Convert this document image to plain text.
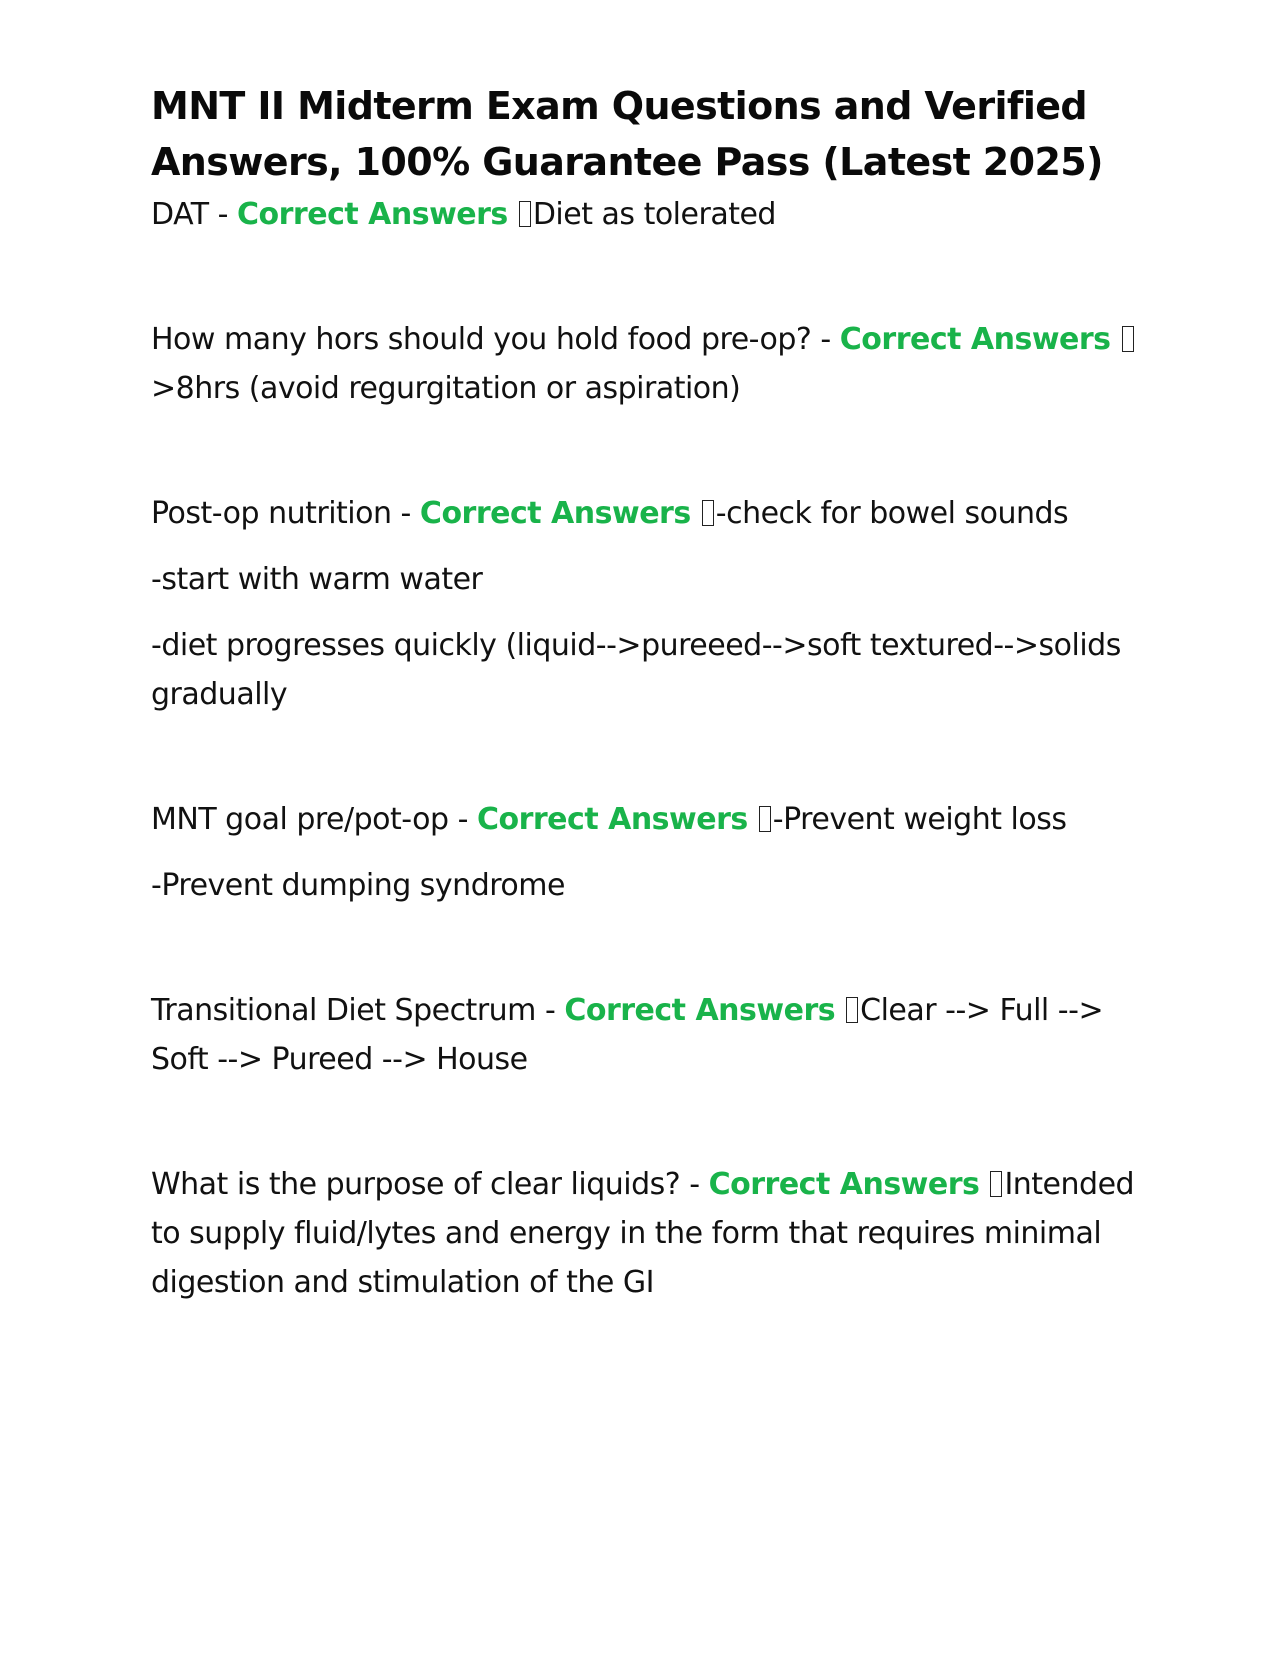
MNT II Midterm Exam Questions and Verified Answers, 100% Guarantee Pass (Latest 2025)

DAT - Correct Answers Diet as tolerated

How many hors should you hold food pre-op? - Correct Answers >8hrs (avoid regurgitation or aspiration)

Post-op nutrition - Correct Answers -check for bowel sounds

-start with warm water

-diet progresses quickly (liquid-->pureeed-->soft textured-->solids gradually

MNT goal pre/pot-op - Correct Answers -Prevent weight loss

-Prevent dumping syndrome

Transitional Diet Spectrum - Correct Answers Clear --> Full --> Soft --> Pureed --> House

What is the purpose of clear liquids? - Correct Answers Intended to supply fluid/lytes and energy in the form that requires minimal digestion and stimulation of the GI
